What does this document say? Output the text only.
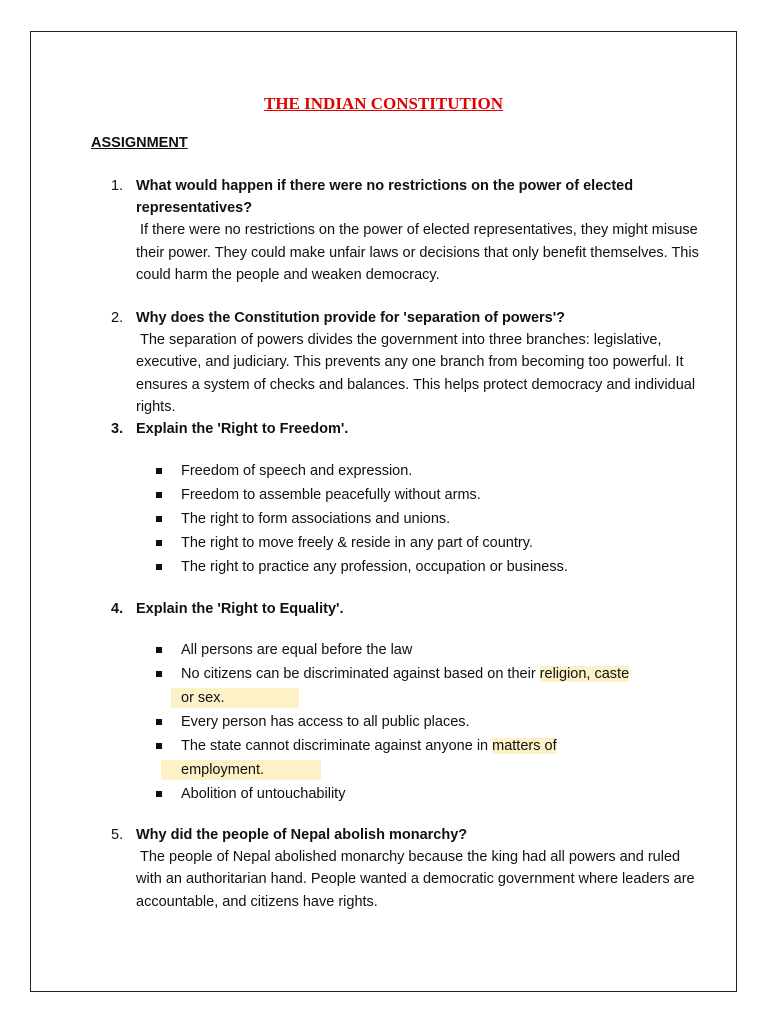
THE INDIAN CONSTITUTION
ASSIGNMENT
1. What would happen if there were no restrictions on the power of elected representatives?
If there were no restrictions on the power of elected representatives, they might misuse their power. They could make unfair laws or decisions that only benefit themselves. This could harm the people and weaken democracy.
2. Why does the Constitution provide for 'separation of powers'?
The separation of powers divides the government into three branches: legislative, executive, and judiciary. This prevents any one branch from becoming too powerful. It ensures a system of checks and balances. This helps protect democracy and individual rights.
3. Explain the 'Right to Freedom'.
Freedom of speech and expression.
Freedom to assemble peacefully without arms.
The right to form associations and unions.
The right to move freely & reside in any part of country.
The right to practice any profession, occupation or business.
4. Explain the 'Right to Equality'.
All persons are equal before the law
No citizens can be discriminated against based on their religion, caste
or sex.
Every person has access to all public places.
The state cannot discriminate against anyone in matters of
employment.
Abolition of untouchability
5. Why did the people of Nepal abolish monarchy?
The people of Nepal abolished monarchy because the king had all powers and ruled with an authoritarian hand. People wanted a democratic government where leaders are accountable, and citizens have rights.
